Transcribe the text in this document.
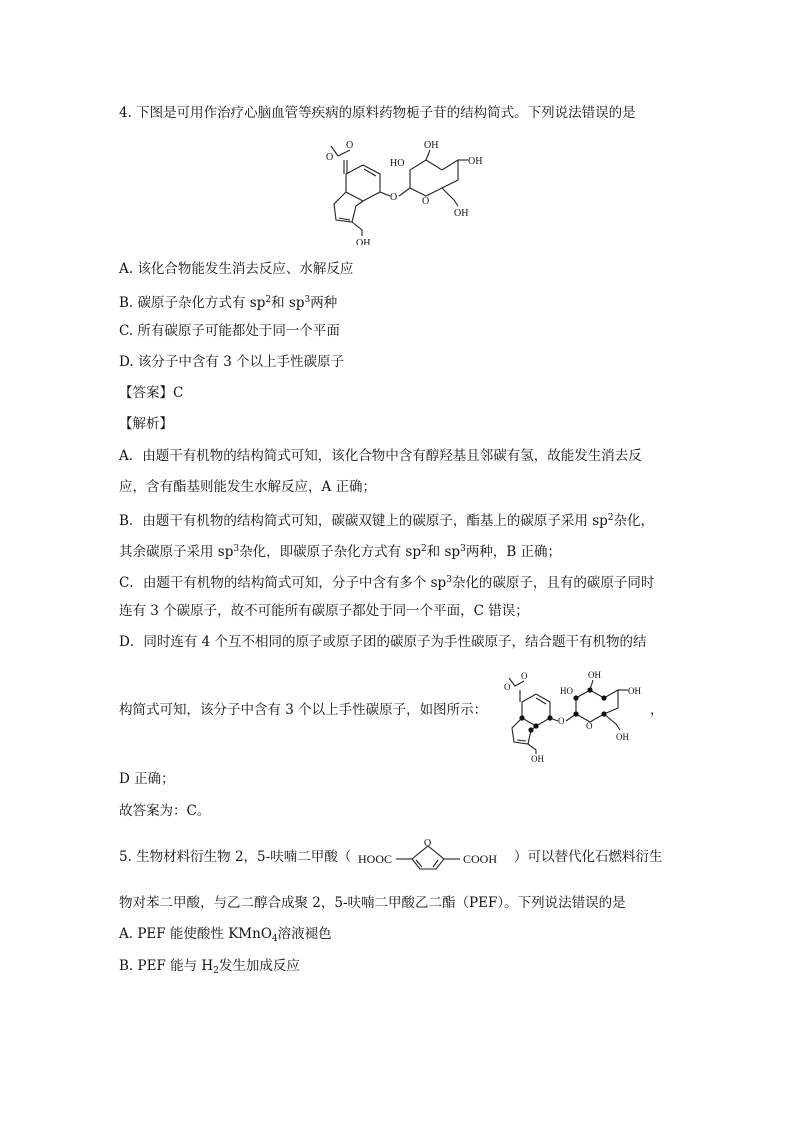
4. 下图是可用作治疗心脑血管等疾病的原料药物栀子苷的结构简式。下列说法错误的是
O
O
OH
O O
HO
OH
OH
OH
A. 该化合物能发生消去反应、水解反应
B. 碳原子杂化方式有 $sp^2$和 $sp^3$两种
C. 所有碳原子可能都处于同一个平面
D. 该分子中含有 3 个以上手性碳原子
【答案】C
【解析】
A．由题干有机物的结构简式可知，该化合物中含有醇羟基且邻碳有氢，故能发生消去反
应，含有酯基则能发生水解反应，A 正确；
B．由题干有机物的结构简式可知，碳碳双键上的碳原子，酯基上的碳原子采用 $sp^2$杂化，
其余碳原子采用 $sp^3$杂化，即碳原子杂化方式有 $sp^2$和 $sp^3$两种，B 正确；
C．由题干有机物的结构简式可知，分子中含有多个 $sp^3$杂化的碳原子，且有的碳原子同时
连有 3 个碳原子，故不可能所有碳原子都处于同一个平面，C 错误；
D．同时连有 4 个互不相同的原子或原子团的碳原子为手性碳原子，结合题干有机物的结
构简式可知，该分子中含有 3 个以上手性碳原子，如图所示：	，
O
O
OH
O O
HO
OH
OH
OH
D 正确；
故答案为：C。
5. 生物材料衍生物 2，5-呋喃二甲酸（ HOOC
O
COOH ）可以替代化石燃料衍生
物对苯二甲酸，与乙二醇合成聚 2，5-呋喃二甲酸乙二酯（PEF）。下列说法错误的是
A. PEF 能使酸性 KMnO$_4$溶液褪色
B. PEF 能与 $H_2$发生加成反应
